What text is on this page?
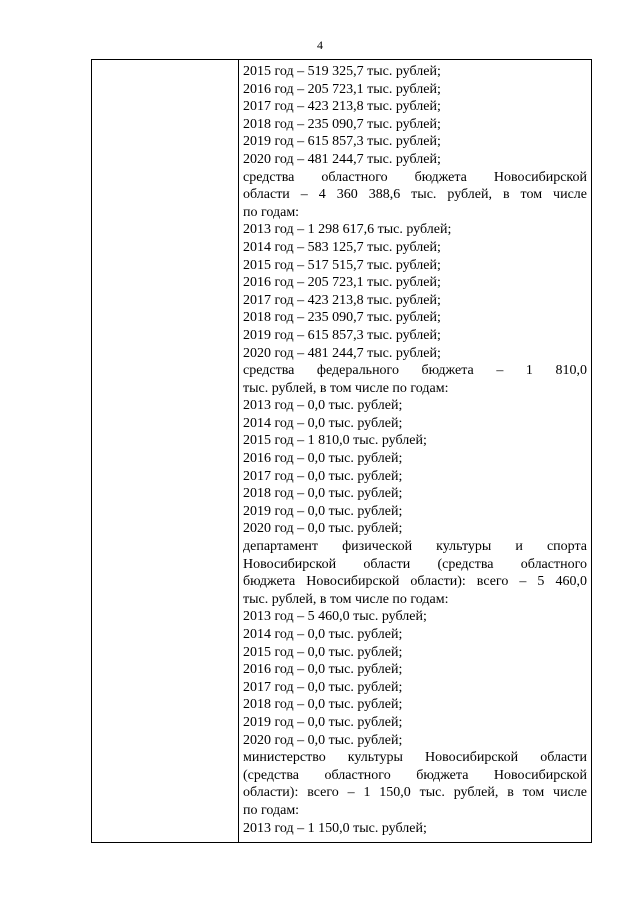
4

2015 год – 519 325,7 тыс. рублей;

2016 год – 205 723,1 тыс. рублей;

2017 год – 423 213,8 тыс. рублей;

2018 год – 235 090,7 тыс. рублей;

2019 год – 615 857,3 тыс. рублей;

2020 год – 481 244,7 тыс. рублей;

средства областного бюджета Новосибирской

области – 4 360 388,6 тыс. рублей, в том числе

по годам:

2013 год – 1 298 617,6 тыс. рублей;

2014 год – 583 125,7 тыс. рублей;

2015 год – 517 515,7 тыс. рублей;

2016 год – 205 723,1 тыс. рублей;

2017 год – 423 213,8 тыс. рублей;

2018 год – 235 090,7 тыс. рублей;

2019 год – 615 857,3 тыс. рублей;

2020 год – 481 244,7 тыс. рублей;

средства федерального бюджета – 1 810,0

тыс. рублей, в том числе по годам:

2013 год – 0,0 тыс. рублей;

2014 год – 0,0 тыс. рублей;

2015 год – 1 810,0 тыс. рублей;

2016 год – 0,0 тыс. рублей;

2017 год – 0,0 тыс. рублей;

2018 год – 0,0 тыс. рублей;

2019 год – 0,0 тыс. рублей;

2020 год – 0,0 тыс. рублей;

департамент физической культуры и спорта

Новосибирской области (средства областного

бюджета Новосибирской области): всего – 5 460,0

тыс. рублей, в том числе по годам:

2013 год – 5 460,0 тыс. рублей;

2014 год – 0,0 тыс. рублей;

2015 год – 0,0 тыс. рублей;

2016 год – 0,0 тыс. рублей;

2017 год – 0,0 тыс. рублей;

2018 год – 0,0 тыс. рублей;

2019 год – 0,0 тыс. рублей;

2020 год – 0,0 тыс. рублей;

министерство культуры Новосибирской области

(средства областного бюджета Новосибирской

области): всего – 1 150,0 тыс. рублей, в том числе

по годам:

2013 год – 1 150,0 тыс. рублей;
